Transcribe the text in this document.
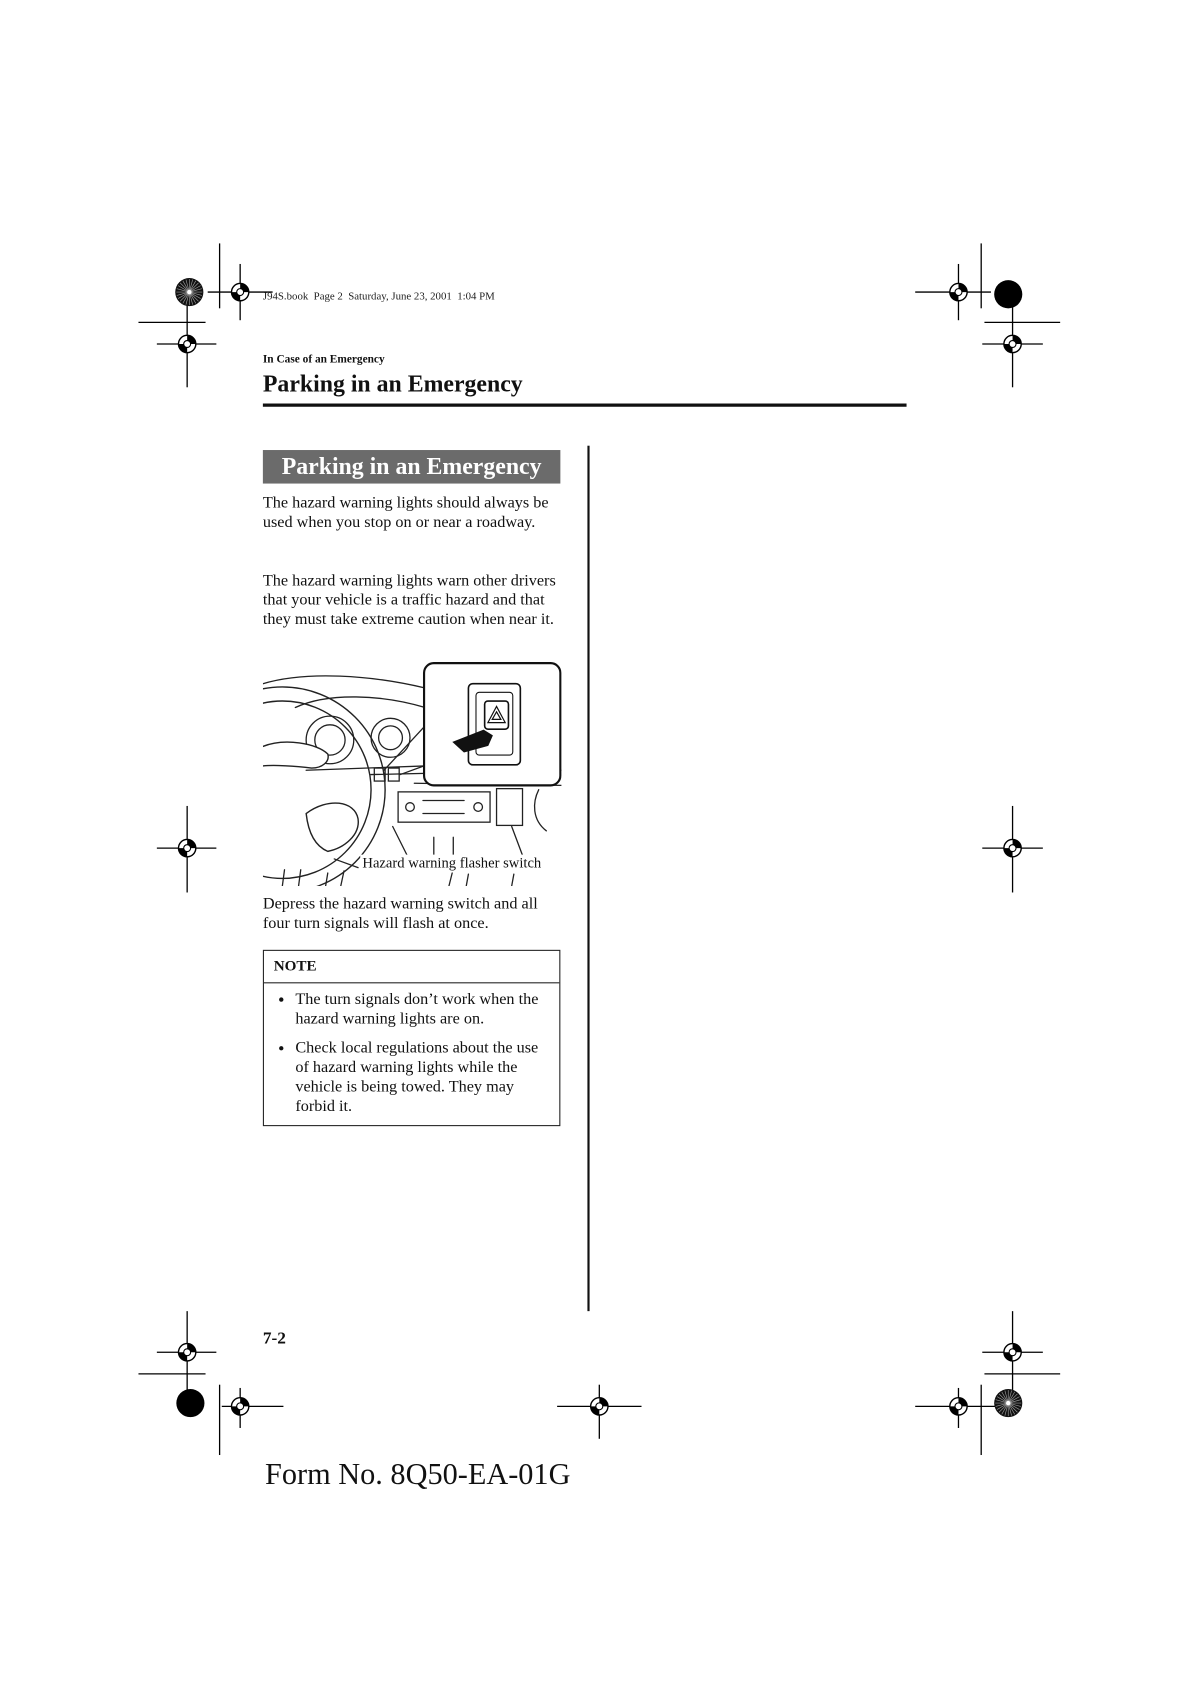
J94S.book  Page 2  Saturday, June 23, 2001  1:04 PM
In Case of an Emergency
Parking in an Emergency
Parking in an Emergency

The hazard warning lights should always be used when you stop on or near a roadway.

The hazard warning lights warn other drivers that your vehicle is a traffic hazard and that they must take extreme caution when near it.

Hazard warning flasher switch

Depress the hazard warning switch and all four turn signals will flash at once.

NOTE
• The turn signals don’t work when the hazard warning lights are on.
• Check local regulations about the use of hazard warning lights while the vehicle is being towed. They may forbid it.
7-2
Form No. 8Q50-EA-01G
